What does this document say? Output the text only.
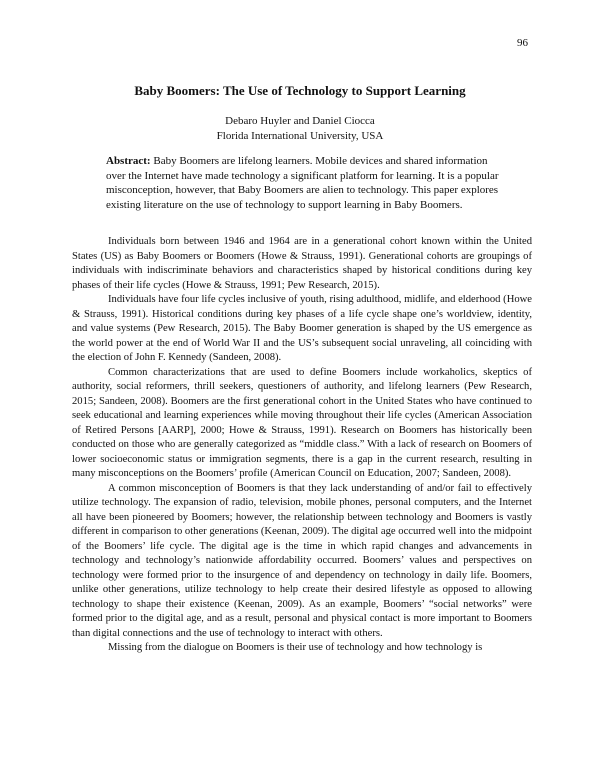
96
Baby Boomers: The Use of Technology to Support Learning
Debaro Huyler and Daniel Ciocca
Florida International University, USA
Abstract: Baby Boomers are lifelong learners. Mobile devices and shared information over the Internet have made technology a significant platform for learning. It is a popular misconception, however, that Baby Boomers are alien to technology. This paper explores existing literature on the use of technology to support learning in Baby Boomers.

Individuals born between 1946 and 1964 are in a generational cohort known within the United States (US) as Baby Boomers or Boomers (Howe & Strauss, 1991). Generational cohorts are groupings of individuals with indiscriminate behaviors and characteristics shaped by historical conditions during key phases of their life cycles (Howe & Strauss, 1991; Pew Research, 2015).

Individuals have four life cycles inclusive of youth, rising adulthood, midlife, and elderhood (Howe & Strauss, 1991). Historical conditions during key phases of a life cycle shape one’s worldview, identity, and value systems (Pew Research, 2015). The Baby Boomer generation is shaped by the US emergence as the world power at the end of World War II and the US’s subsequent social unraveling, all coinciding with the election of John F. Kennedy (Sandeen, 2008).

Common characterizations that are used to define Boomers include workaholics, skeptics of authority, social reformers, thrill seekers, questioners of authority, and lifelong learners (Pew Research, 2015; Sandeen, 2008). Boomers are the first generational cohort in the United States who have continued to seek educational and learning experiences while moving throughout their life cycles (American Association of Retired Persons [AARP], 2000; Howe & Strauss, 1991). Research on Boomers has historically been conducted on those who are generally categorized as “middle class.” With a lack of research on Boomers of lower socioeconomic status or immigration segments, there is a gap in the current research, resulting in many misconceptions on the Boomers’ profile (American Council on Education, 2007; Sandeen, 2008).

A common misconception of Boomers is that they lack understanding of and/or fail to effectively utilize technology. The expansion of radio, television, mobile phones, personal computers, and the Internet all have been pioneered by Boomers; however, the relationship between technology and Boomers is vastly different in comparison to other generations (Keenan, 2009). The digital age occurred well into the midpoint of the Boomers’ life cycle. The digital age is the time in which rapid changes and advancements in technology and technology’s nationwide affordability occurred. Boomers’ values and perspectives on technology were formed prior to the insurgence of and dependency on technology in daily life. Boomers, unlike other generations, utilize technology to help create their desired lifestyle as opposed to allowing technology to shape their existence (Keenan, 2009). As an example, Boomers’ “social networks” were formed prior to the digital age, and as a result, personal and physical contact is more important to Boomers than digital connections and the use of technology to interact with others.

Missing from the dialogue on Boomers is their use of technology and how technology is
